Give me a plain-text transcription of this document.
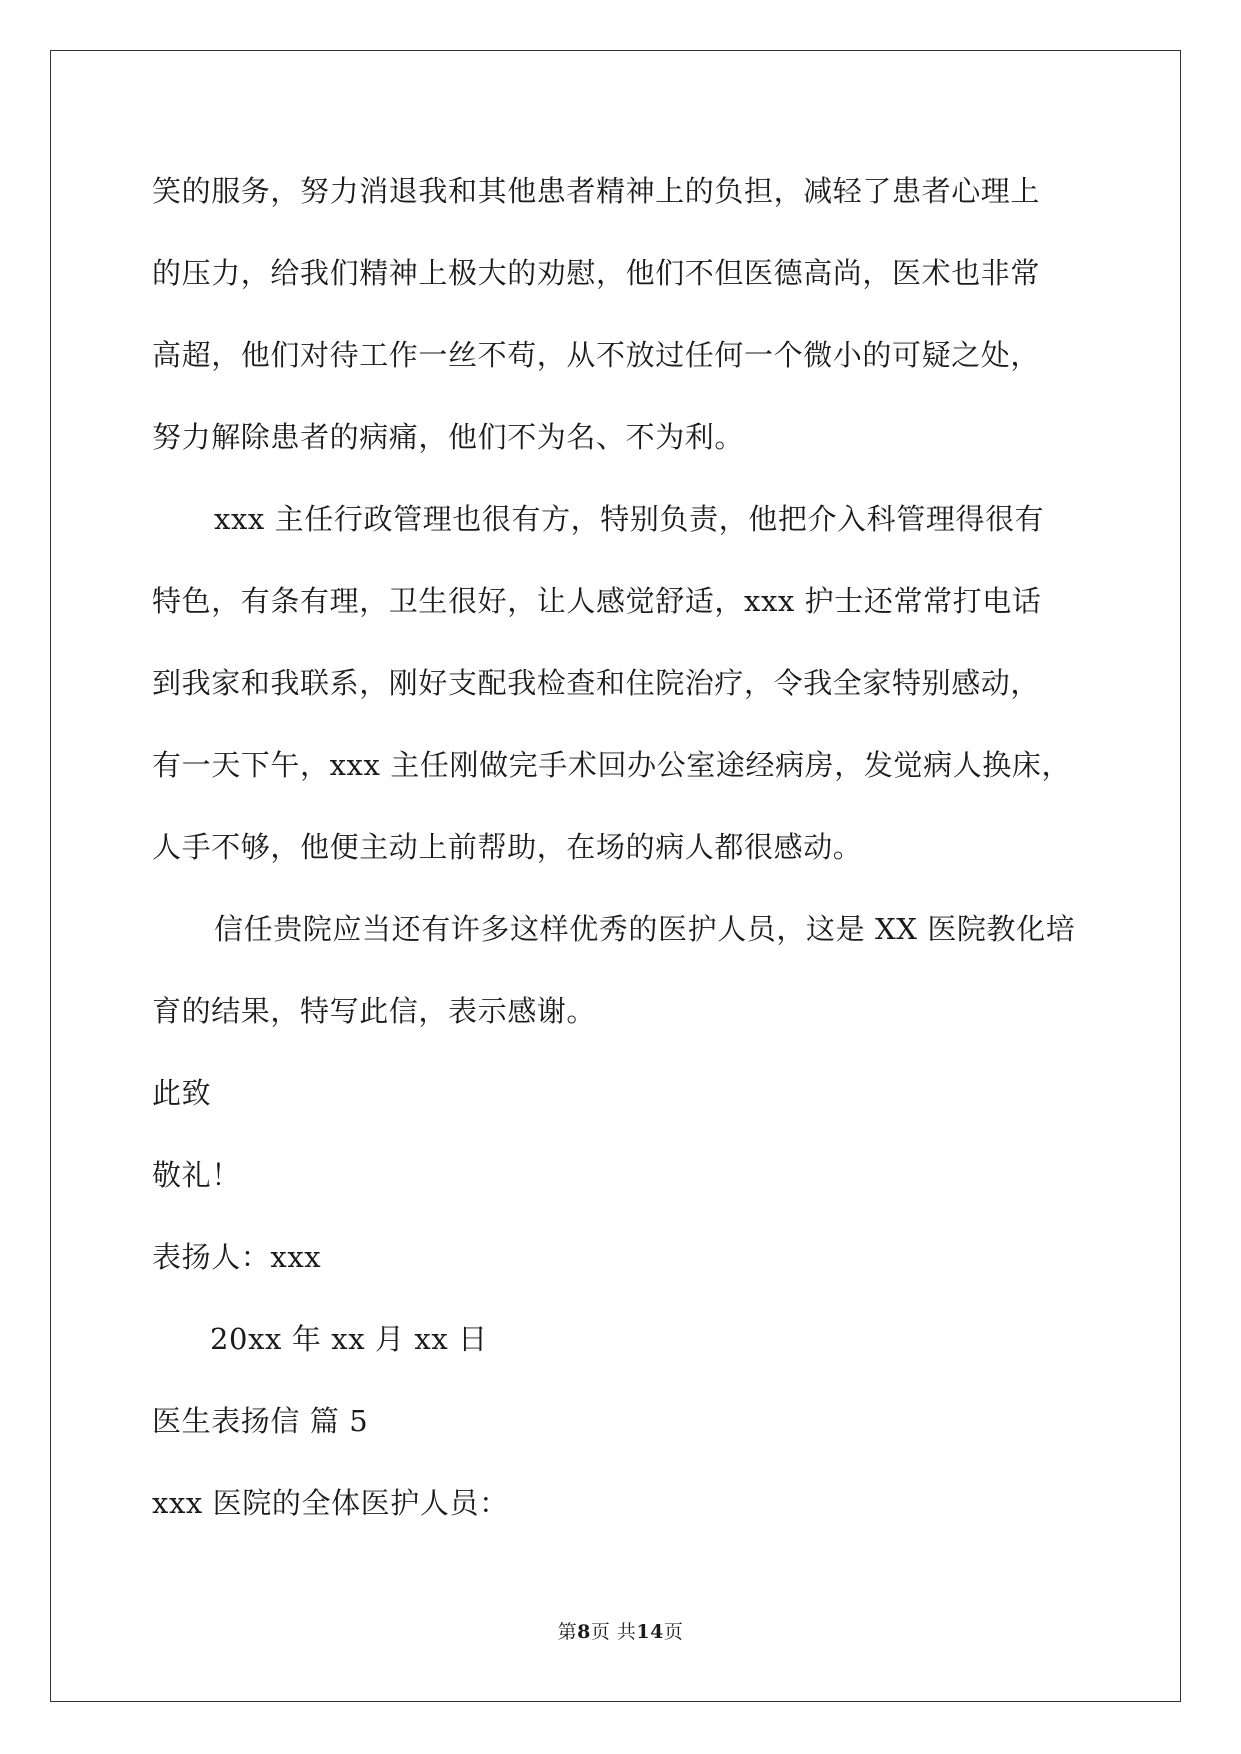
笑的服务，努力消退我和其他患者精神上的负担，减轻了患者心理上
的压力，给我们精神上极大的劝慰，他们不但医德高尚，医术也非常
高超，他们对待工作一丝不苟，从不放过任何一个微小的可疑之处，
努力解除患者的病痛，他们不为名、不为利。
xxx 主任行政管理也很有方，特别负责，他把介入科管理得很有
特色，有条有理，卫生很好，让人感觉舒适，xxx 护士还常常打电话
到我家和我联系，刚好支配我检查和住院治疗，令我全家特别感动，
有一天下午，xxx 主任刚做完手术回办公室途经病房，发觉病人换床，
人手不够，他便主动上前帮助，在场的病人都很感动。
信任贵院应当还有许多这样优秀的医护人员，这是 XX 医院教化培
育的结果，特写此信，表示感谢。
此致
敬礼！
表扬人：xxx
20xx 年 xx 月 xx 日
医生表扬信 篇 5
xxx 医院的全体医护人员：
第8页 共14页
